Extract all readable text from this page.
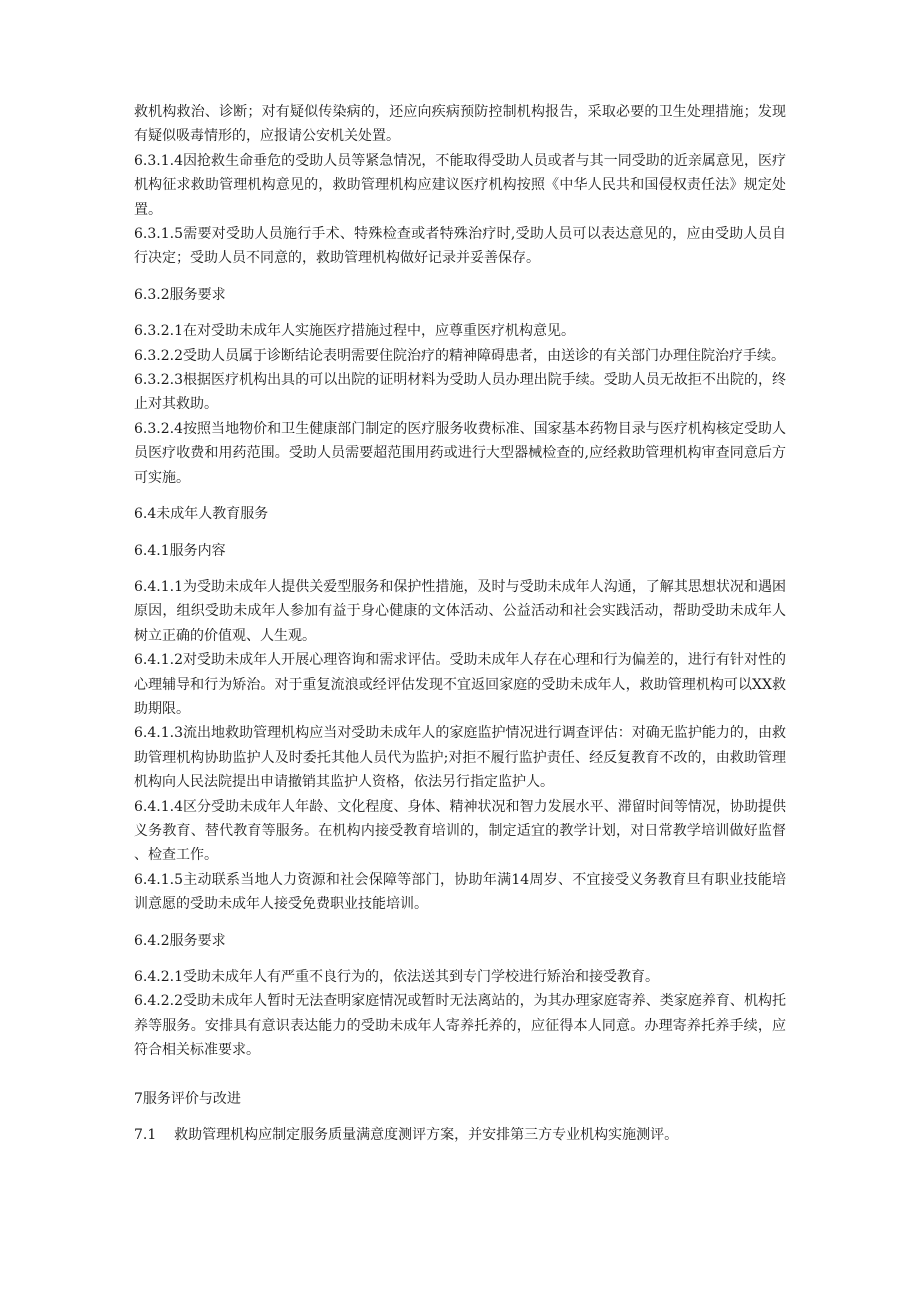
救机构救治、诊断；对有疑似传染病的，还应向疾病预防控制机构报告，采取必要的卫生处理措施；发现有疑似吸毒情形的，应报请公安机关处置。

6.3.1.4因抢救生命垂危的受助人员等紧急情况，不能取得受助人员或者与其一同受助的近亲属意见，医疗机构征求救助管理机构意见的，救助管理机构应建议医疗机构按照《中华人民共和国侵权责任法》规定处置。

6.3.1.5需要对受助人员施行手术、特殊检查或者特殊治疗时,受助人员可以表达意见的，应由受助人员自行决定；受助人员不同意的，救助管理机构做好记录并妥善保存。

6.3.2服务要求

6.3.2.1在对受助未成年人实施医疗措施过程中，应尊重医疗机构意见。

6.3.2.2受助人员属于诊断结论表明需要住院治疗的精神障碍患者，由送诊的有关部门办理住院治疗手续。

6.3.2.3根据医疗机构出具的可以出院的证明材料为受助人员办理出院手续。受助人员无故拒不出院的，终止对其救助。

6.3.2.4按照当地物价和卫生健康部门制定的医疗服务收费标准、国家基本药物目录与医疗机构核定受助人员医疗收费和用药范围。受助人员需要超范围用药或进行大型器械检查的,应经救助管理机构审查同意后方可实施。

6.4未成年人教育服务

6.4.1服务内容

6.4.1.1为受助未成年人提供关爱型服务和保护性措施，及时与受助未成年人沟通，了解其思想状况和遇困原因，组织受助未成年人参加有益于身心健康的文体活动、公益活动和社会实践活动，帮助受助未成年人树立正确的价值观、人生观。

6.4.1.2对受助未成年人开展心理咨询和需求评估。受助未成年人存在心理和行为偏差的，进行有针对性的心理辅导和行为矫治。对于重复流浪或经评估发现不宜返回家庭的受助未成年人，救助管理机构可以XX救助期限。

6.4.1.3流出地救助管理机构应当对受助未成年人的家庭监护情况进行调查评估：对确无监护能力的，由救助管理机构协助监护人及时委托其他人员代为监护;对拒不履行监护责任、经反复教育不改的，由救助管理机构向人民法院提出申请撤销其监护人资格，依法另行指定监护人。

6.4.1.4区分受助未成年人年龄、文化程度、身体、精神状况和智力发展水平、滞留时间等情况，协助提供义务教育、替代教育等服务。在机构内接受教育培训的，制定适宜的教学计划，对日常教学培训做好监督、检查工作。

6.4.1.5主动联系当地人力资源和社会保障等部门，协助年满14周岁、不宜接受义务教育旦有职业技能培训意愿的受助未成年人接受免费职业技能培训。

6.4.2服务要求

6.4.2.1受助未成年人有严重不良行为的，依法送其到专门学校进行矫治和接受教育。

6.4.2.2受助未成年人暂时无法查明家庭情况或暂时无法离站的，为其办理家庭寄养、类家庭养育、机构托养等服务。安排具有意识表达能力的受助未成年人寄养托养的，应征得本人同意。办理寄养托养手续，应符合相关标准要求。

7服务评价与改进

7.1    救助管理机构应制定服务质量满意度测评方案，并安排第三方专业机构实施测评。
